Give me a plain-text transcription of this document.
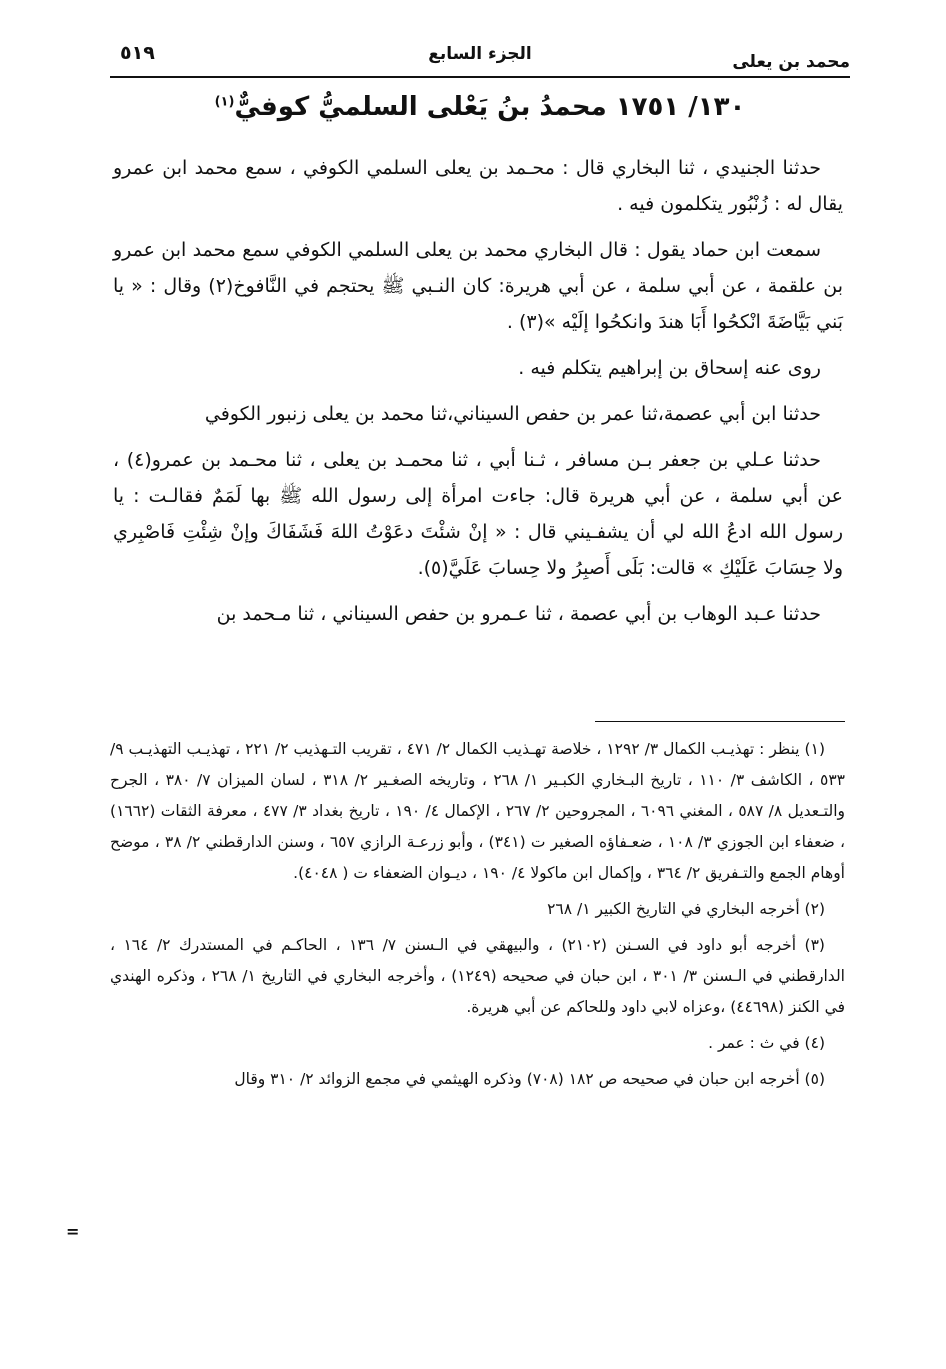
محمد بن يعلى
الجزء السابع
٥١٩
١٣٠/ ١٧٥١ محمدُ بنُ يَعْلى السلميُّ كوفيٌّ$^{(١)}$

حدثنا الجنيدي ، ثنا البخاري قال : محـمد بن يعلى السلمي الكوفي ، سمع محمد ابن عمرو يقال له : زُنْبُور يتكلمون فيه .

سمعت ابن حماد يقول : قال البخاري محمد بن يعلى السلمي الكوفي سمع محمد ابن عمرو بن علقمة ، عن أبي سلمة ، عن أبي هريرة: كان النـبي ﷺ يحتجم في النَّافوخ(٢) وقال : « يا بَني بَيَّاضَةَ انْكحُوا أَبَا هندَ وانكحُوا إلَيْه »(٣) .

روى عنه إسحاق بن إبراهيم يتكلم فيه .

حدثنا ابن أبي عصمة،ثنا عمر بن حفص السيناني،ثنا محمد بن يعلى زنبور الكوفي

حدثنا عـلي بن جعفر بـن مسافر ، ثـنا أبي ، ثنا محمـد بن يعلى ، ثنا محـمد بن عمرو(٤) ، عن أبي سلمة ، عن أبي هريرة قال: جاءت امرأة إلى رسول الله ﷺ بها لَمَمٌ فقالـت : يا رسول الله ادعُ الله لي أن يشفـيني قال : « إنْ شئْتَ دعَوْتُ اللهَ فَشَفَاكَ وإنْ شِئْتِ فَاصْبِري ولا حِسَابَ عَلَيْكِ » قالت: بَلَى أَصبِرُ ولا حِسابَ عَلَيَّ(٥).

حدثنا عـبد الوهاب بن أبي عصمة ، ثنا عـمرو بن حفص السيناني ، ثنا مـحمد بن

(١) ينظر : تهذيـب الكمال ٣/ ١٢٩٢ ، خلاصة تهـذيب الكمال ٢/ ٤٧١ ، تقريب التـهذيب ٢/ ٢٢١ ، تهذيـب التهذيـب ٩/ ٥٣٣ ، الكاشف ٣/ ١١٠ ، تاريخ البـخاري الكبـير ١/ ٢٦٨ ، وتاريخه الصغـير ٢/ ٣١٨ ، لسان الميزان ٧/ ٣٨٠ ، الجرح والتـعديل ٨/ ٥٨٧ ، المغني ٦٠٩٦ ، المجروحين ٢/ ٢٦٧ ، الإكمال ٤/ ١٩٠ ، تاريخ بغداد ٣/ ٤٧٧ ، معرفة الثقات (١٦٦٢) ، ضعفاء ابن الجوزي ٣/ ١٠٨ ، ضعـفاؤه الصغير ت (٣٤١) ، وأبو زرعـة الرازي ٦٥٧ ، وسنن الدارقطني ٢/ ٣٨ ، موضح أوهام الجمع والتـفريق ٢/ ٣٦٤ ، وإكمال ابن ماكولا ٤/ ١٩٠ ، ديـوان الضعفاء ت ( ٤٠٤٨).

(٢) أخرجه البخاري في التاريخ الكبير ١/ ٢٦٨

(٣) أخرجه أبو داود في السـنن (٢١٠٢) ، والبيهقي في الـسنن ٧/ ١٣٦ ، الحاكـم في المستدرك ٢/ ١٦٤ ، الدارقطني في الـسنن ٣/ ٣٠١ ، ابن حبان في صحيحه (١٢٤٩) ، وأخرجه البخاري في التاريخ ١/ ٢٦٨ ، وذكره الهندي في الكنز (٤٤٦٩٨) ،وعزاه لابي داود وللحاكم عن أبي هريرة.

(٤) في ث : عمر .

(٥) أخرجه ابن حبان في صحيحه ص ١٨٢ (٧٠٨) وذكره الهيثمي في مجمع الزوائد ٢/ ٣١٠ وقال

=
